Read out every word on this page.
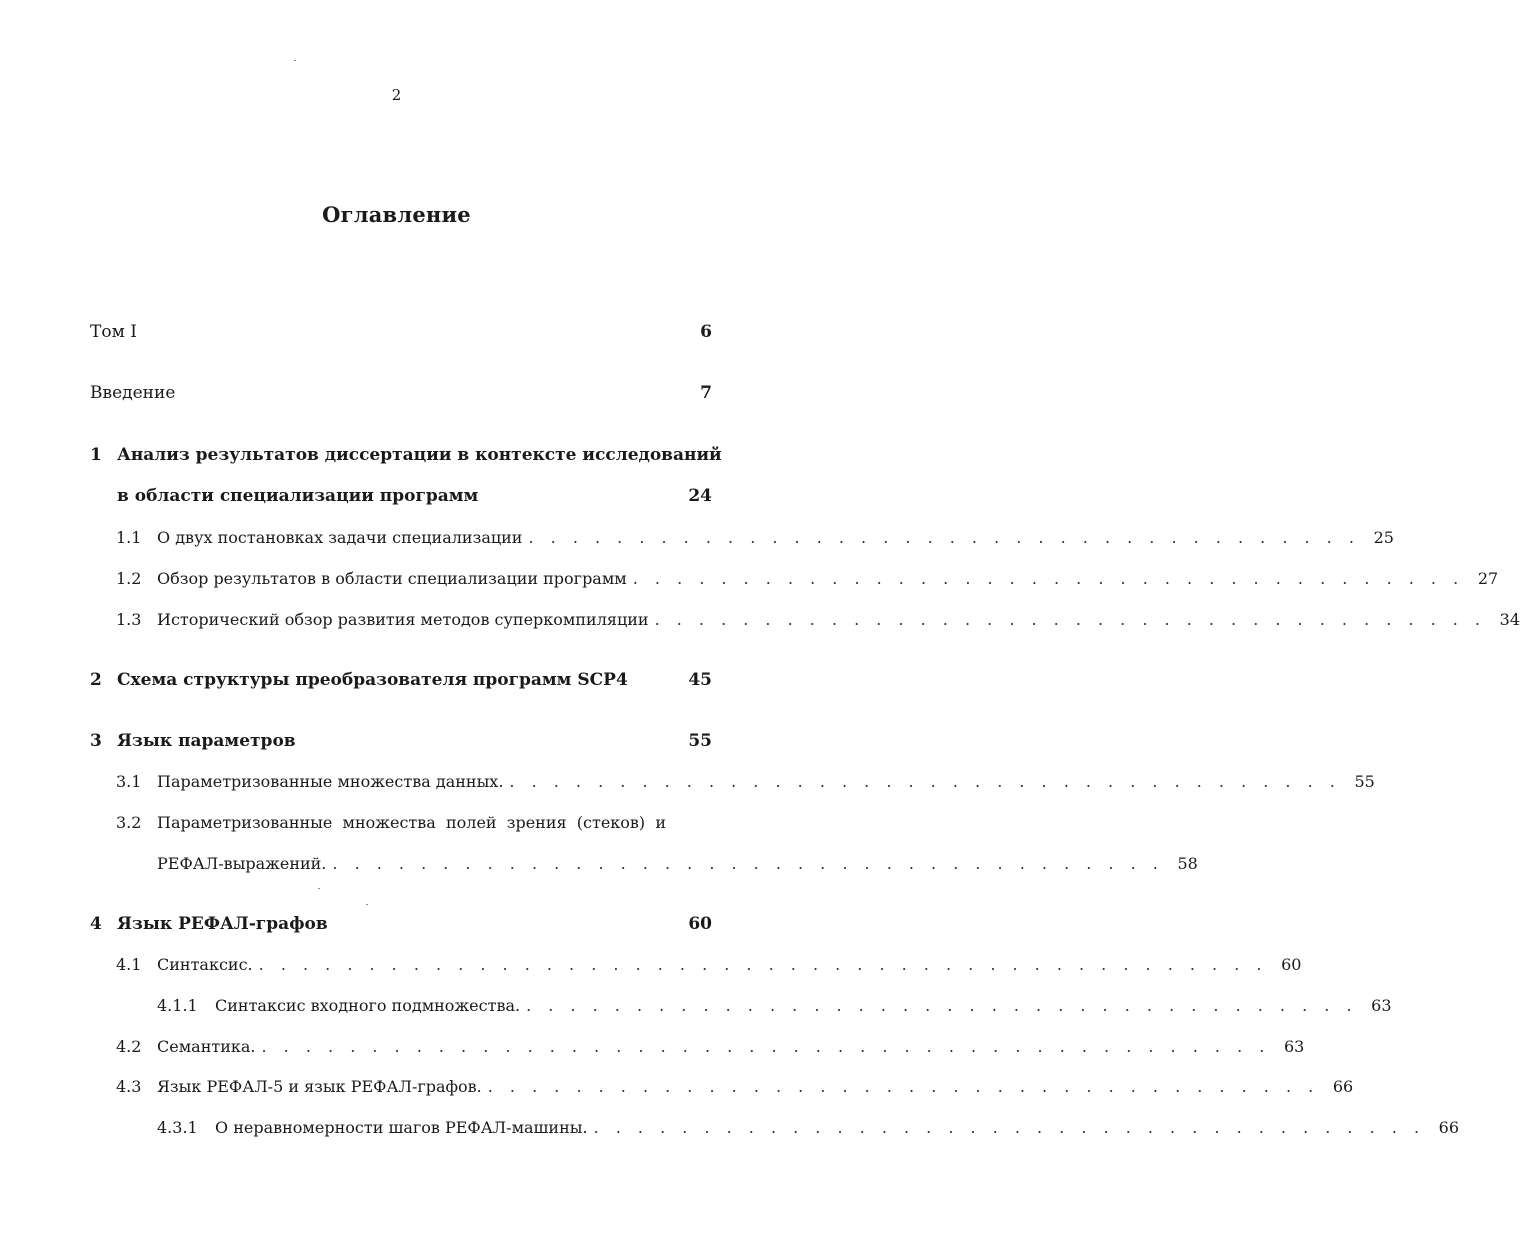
2
Оглавление
Том I	6
Введение	7
1 Анализ результатов диссертации в контексте исследований
в области специализации программ	24
1.1 О двух постановках задачи специализации . . . . . . . . . . . . . . . . . . . . . . . . . . . . . . . . . . . . . . 25
1.2 Обзор результатов в области специализации программ . . . . . . . . . . . . . . . . . . . . . . . . . . . . . . . . . . . . . . 27
1.3 Исторический обзор развития методов суперкомпиляции . . . . . . . . . . . . . . . . . . . . . . . . . . . . . . . . . . . . . . 34
2 Схема структуры преобразователя программ SCP4	45
3 Язык параметров	55
3.1 Параметризованные множества данных. . . . . . . . . . . . . . . . . . . . . . . . . . . . . . . . . . . . . . . 55
3.2 Параметризованные множества полей зрения (стеков) и
РЕФАЛ-выражений. . . . . . . . . . . . . . . . . . . . . . . . . . . . . . . . . . . . . . . 58
4 Язык РЕФАЛ-графов	60
4.1 Синтаксис. . . . . . . . . . . . . . . . . . . . . . . . . . . . . . . . . . . . . . . . . . . . . . . 60
4.1.1	Синтаксис входного подмножества. . . . . . . . . . . . . . . . . . . . . . . . . . . . . . . . . . . . . . . 63
4.2 Семантика. . . . . . . . . . . . . . . . . . . . . . . . . . . . . . . . . . . . . . . . . . . . . . . 63
4.3 Язык РЕФАЛ-5 и язык РЕФАЛ-графов. . . . . . . . . . . . . . . . . . . . . . . . . . . . . . . . . . . . . . . 66
4.3.1	О неравномерности шагов РЕФАЛ-машины. . . . . . . . . . . . . . . . . . . . . . . . . . . . . . . . . . . . . . . 66
